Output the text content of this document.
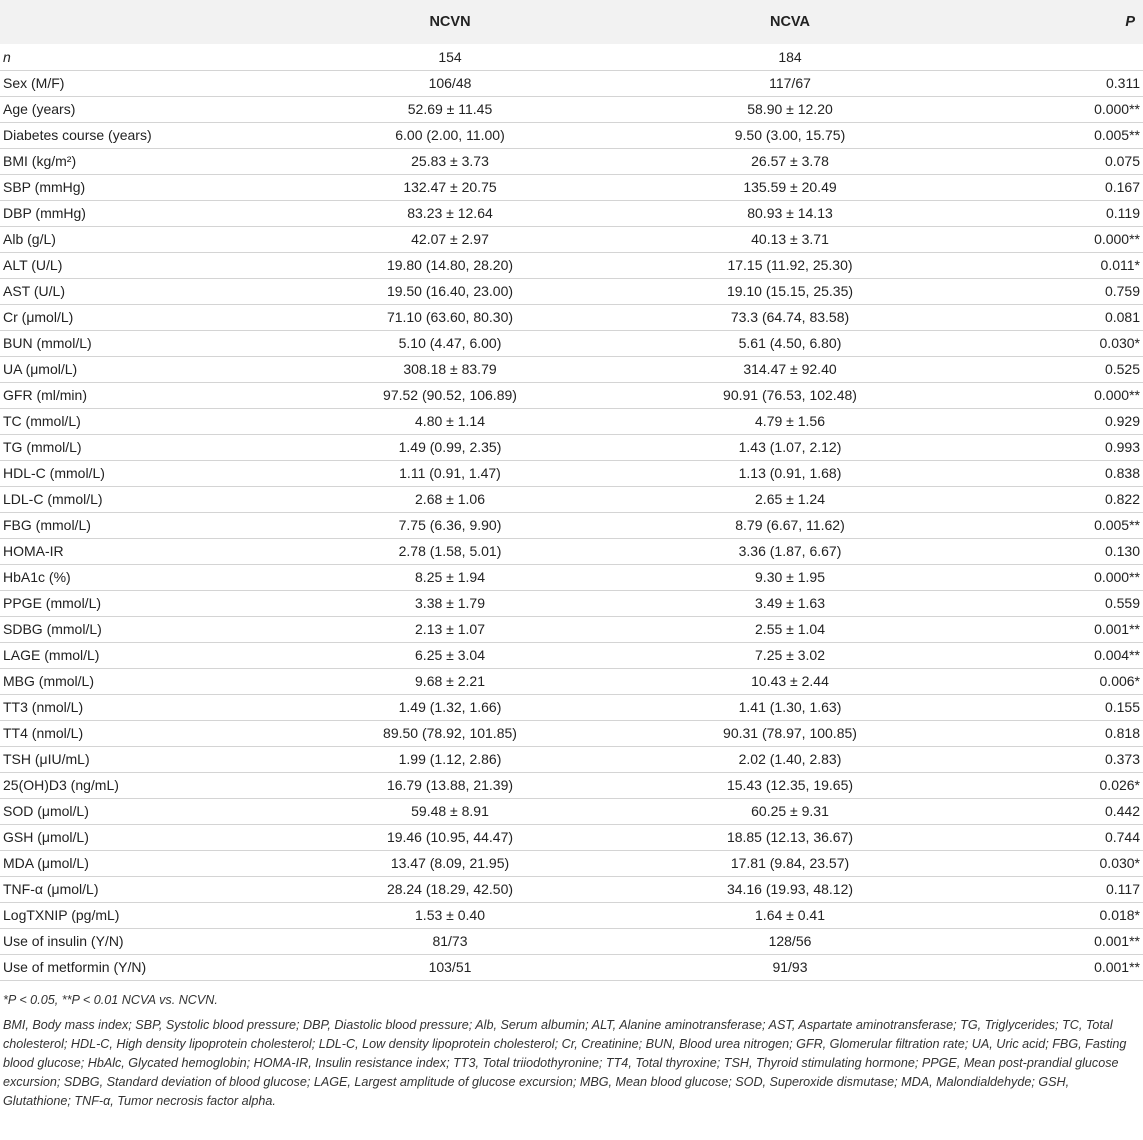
	NCVN	NCVA	P
n	154	184	
Sex (M/F)	106/48	117/67	0.311
Age (years)	52.69 ± 11.45	58.90 ± 12.20	0.000**
Diabetes course (years)	6.00 (2.00, 11.00)	9.50 (3.00, 15.75)	0.005**
BMI (kg/m²)	25.83 ± 3.73	26.57 ± 3.78	0.075
SBP (mmHg)	132.47 ± 20.75	135.59 ± 20.49	0.167
DBP (mmHg)	83.23 ± 12.64	80.93 ± 14.13	0.119
Alb (g/L)	42.07 ± 2.97	40.13 ± 3.71	0.000**
ALT (U/L)	19.80 (14.80, 28.20)	17.15 (11.92, 25.30)	0.011*
AST (U/L)	19.50 (16.40, 23.00)	19.10 (15.15, 25.35)	0.759
Cr (μmol/L)	71.10 (63.60, 80.30)	73.3 (64.74, 83.58)	0.081
BUN (mmol/L)	5.10 (4.47, 6.00)	5.61 (4.50, 6.80)	0.030*
UA (μmol/L)	308.18 ± 83.79	314.47 ± 92.40	0.525
GFR (ml/min)	97.52 (90.52, 106.89)	90.91 (76.53, 102.48)	0.000**
TC (mmol/L)	4.80 ± 1.14	4.79 ± 1.56	0.929
TG (mmol/L)	1.49 (0.99, 2.35)	1.43 (1.07, 2.12)	0.993
HDL-C (mmol/L)	1.11 (0.91, 1.47)	1.13 (0.91, 1.68)	0.838
LDL-C (mmol/L)	2.68 ± 1.06	2.65 ± 1.24	0.822
FBG (mmol/L)	7.75 (6.36, 9.90)	8.79 (6.67, 11.62)	0.005**
HOMA-IR	2.78 (1.58, 5.01)	3.36 (1.87, 6.67)	0.130
HbA1c (%)	8.25 ± 1.94	9.30 ± 1.95	0.000**
PPGE (mmol/L)	3.38 ± 1.79	3.49 ± 1.63	0.559
SDBG (mmol/L)	2.13 ± 1.07	2.55 ± 1.04	0.001**
LAGE (mmol/L)	6.25 ± 3.04	7.25 ± 3.02	0.004**
MBG (mmol/L)	9.68 ± 2.21	10.43 ± 2.44	0.006*
TT3 (nmol/L)	1.49 (1.32, 1.66)	1.41 (1.30, 1.63)	0.155
TT4 (nmol/L)	89.50 (78.92, 101.85)	90.31 (78.97, 100.85)	0.818
TSH (μIU/mL)	1.99 (1.12, 2.86)	2.02 (1.40, 2.83)	0.373
25(OH)D3 (ng/mL)	16.79 (13.88, 21.39)	15.43 (12.35, 19.65)	0.026*
SOD (μmol/L)	59.48 ± 8.91	60.25 ± 9.31	0.442
GSH (μmol/L)	19.46 (10.95, 44.47)	18.85 (12.13, 36.67)	0.744
MDA (μmol/L)	13.47 (8.09, 21.95)	17.81 (9.84, 23.57)	0.030*
TNF-α (μmol/L)	28.24 (18.29, 42.50)	34.16 (19.93, 48.12)	0.117
LogTXNIP (pg/mL)	1.53 ± 0.40	1.64 ± 0.41	0.018*
Use of insulin (Y/N)	81/73	128/56	0.001**
Use of metformin (Y/N)	103/51	91/93	0.001**

*P < 0.05, **P < 0.01 NCVA vs. NCVN.

BMI, Body mass index; SBP, Systolic blood pressure; DBP, Diastolic blood pressure; Alb, Serum albumin; ALT, Alanine aminotransferase; AST, Aspartate aminotransferase; TG, Triglycerides; TC, Total cholesterol; HDL-C, High density lipoprotein cholesterol; LDL-C, Low density lipoprotein cholesterol; Cr, Creatinine; BUN, Blood urea nitrogen; GFR, Glomerular filtration rate; UA, Uric acid; FBG, Fasting blood glucose; HbAlc, Glycated hemoglobin; HOMA-IR, Insulin resistance index; TT3, Total triiodothyronine; TT4, Total thyroxine; TSH, Thyroid stimulating hormone; PPGE, Mean post-prandial glucose excursion; SDBG, Standard deviation of blood glucose; LAGE, Largest amplitude of glucose excursion; MBG, Mean blood glucose; SOD, Superoxide dismutase; MDA, Malondialdehyde; GSH, Glutathione; TNF-α, Tumor necrosis factor alpha.
